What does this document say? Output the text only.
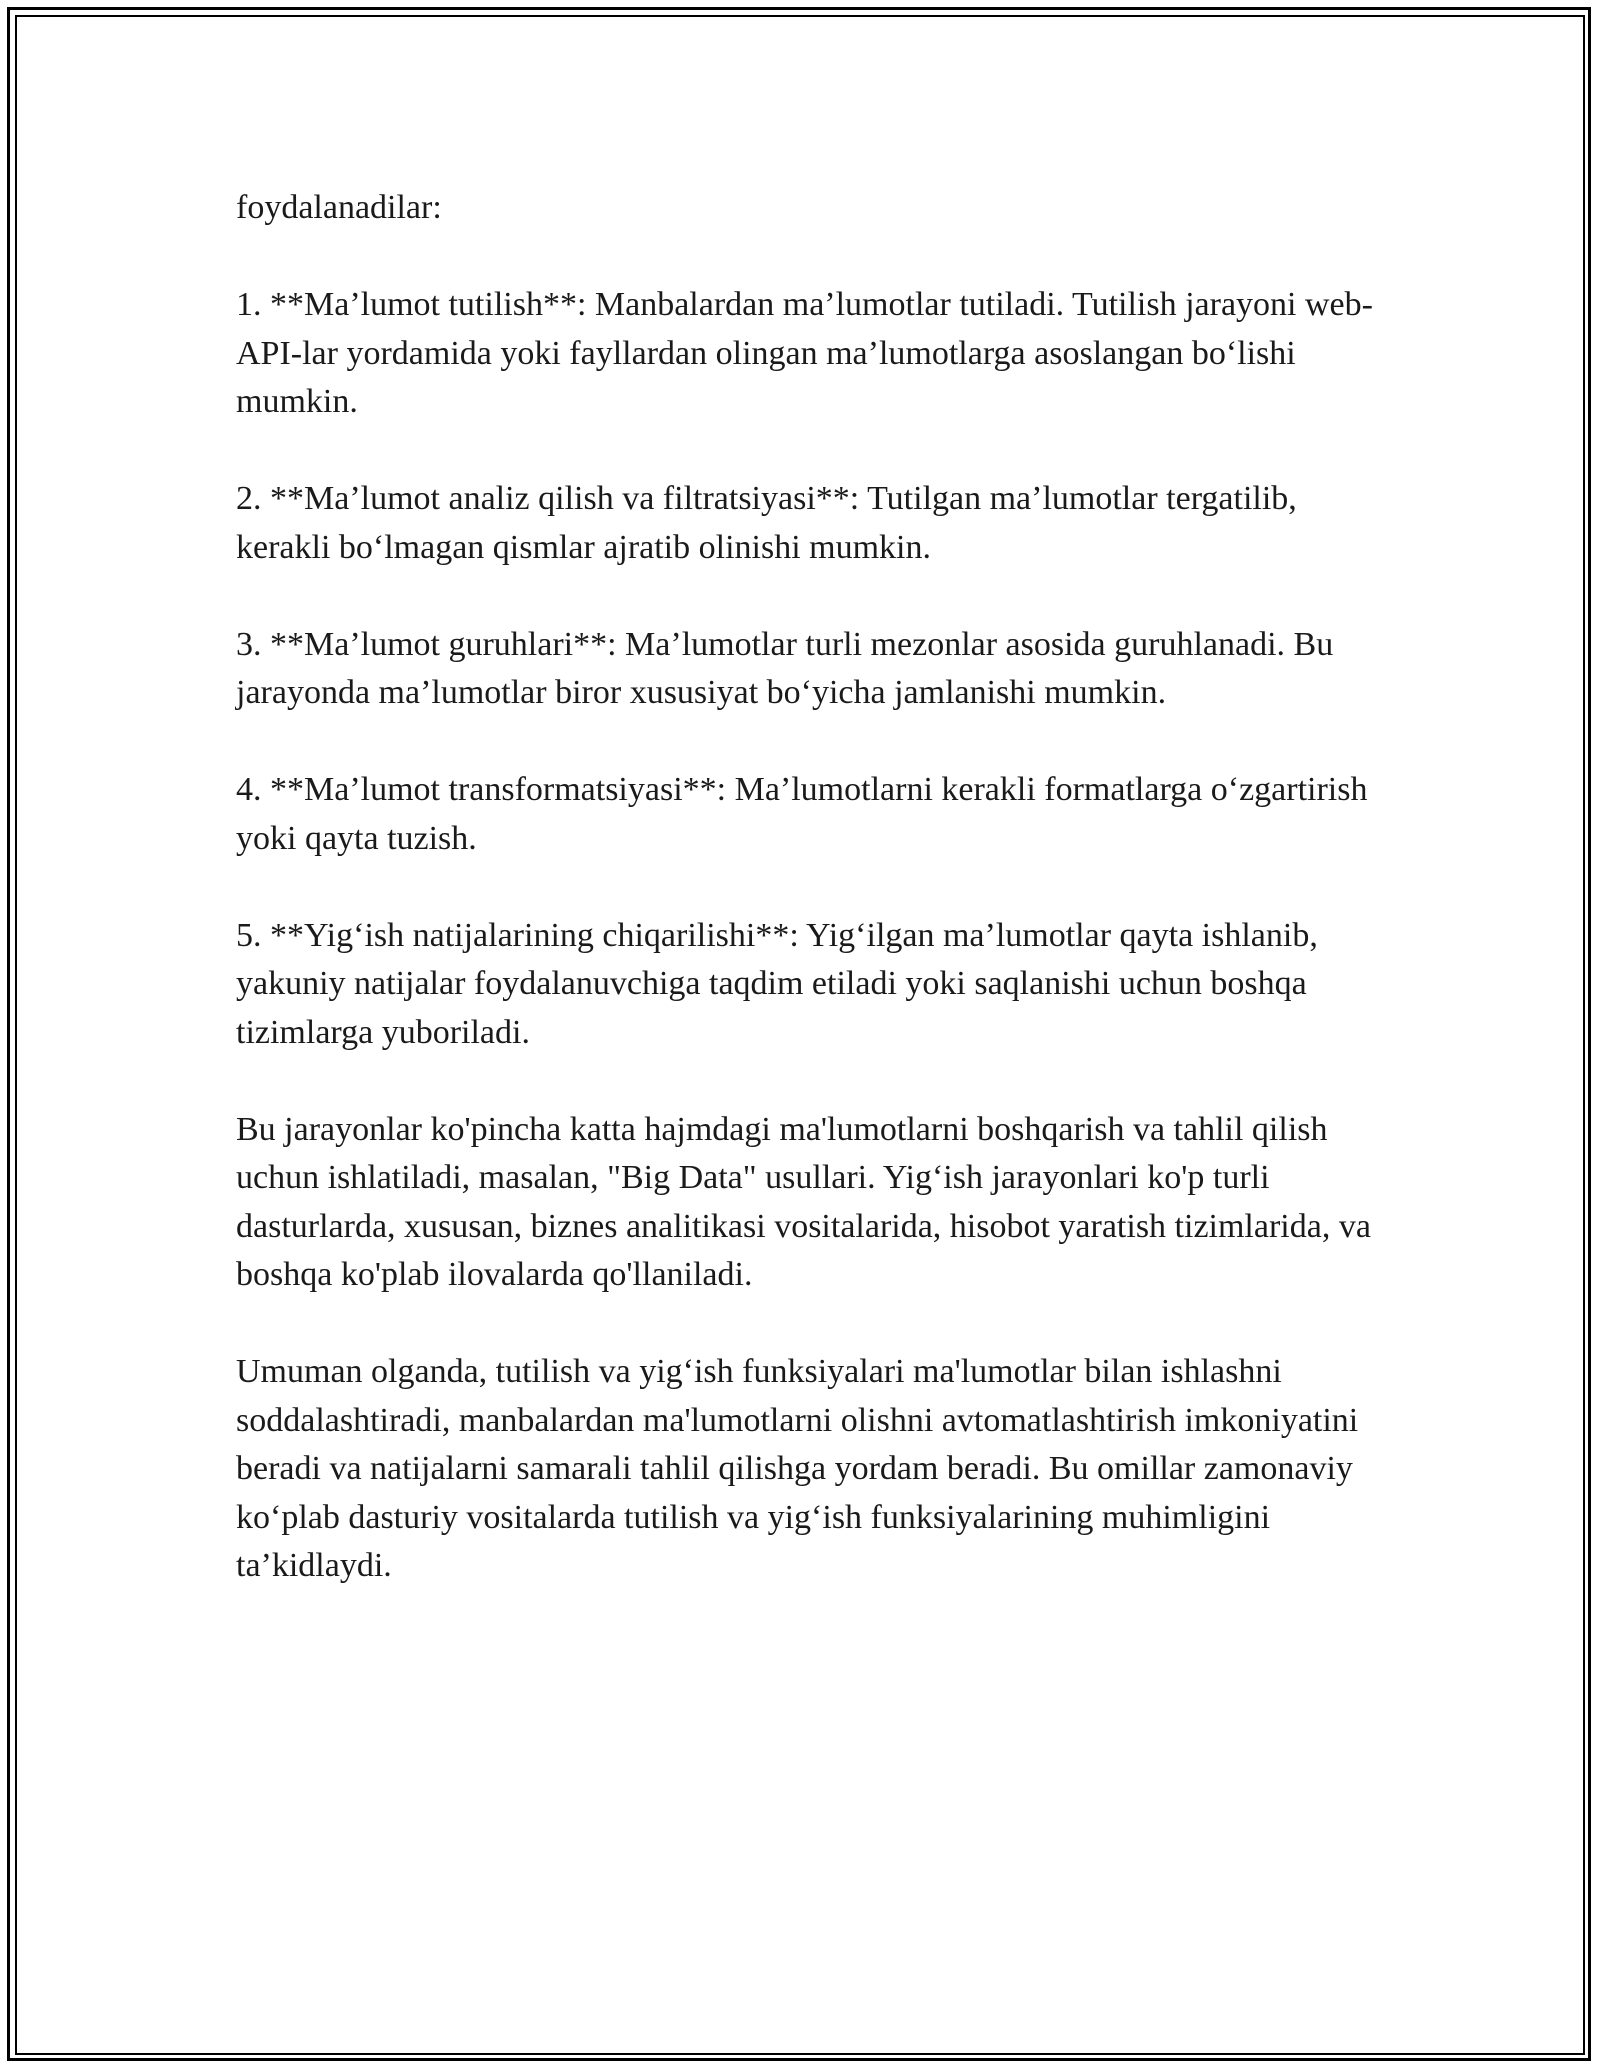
foydalanadilar:

1. **Ma’lumot tutilish**: Manbalardan ma’lumotlar tutiladi. Tutilish jarayoni web-API-lar yordamida yoki fayllardan olingan ma’lumotlarga asoslangan bo‘lishi mumkin.

2. **Ma’lumot analiz qilish va filtratsiyasi**: Tutilgan ma’lumotlar tergatilib, kerakli bo‘lmagan qismlar ajratib olinishi mumkin.

3. **Ma’lumot guruhlari**: Ma’lumotlar turli mezonlar asosida guruhlanadi. Bu jarayonda ma’lumotlar biror xususiyat bo‘yicha jamlanishi mumkin.

4. **Ma’lumot transformatsiyasi**: Ma’lumotlarni kerakli formatlarga o‘zgartirish yoki qayta tuzish.

5. **Yig‘ish natijalarining chiqarilishi**: Yig‘ilgan ma’lumotlar qayta ishlanib, yakuniy natijalar foydalanuvchiga taqdim etiladi yoki saqlanishi uchun boshqa tizimlarga yuboriladi.

Bu jarayonlar ko'pincha katta hajmdagi ma'lumotlarni boshqarish va tahlil qilish uchun ishlatiladi, masalan, "Big Data" usullari. Yig‘ish jarayonlari ko'p turli dasturlarda, xususan, biznes analitikasi vositalarida, hisobot yaratish tizimlarida, va boshqa ko'plab ilovalarda qo'llaniladi.

Umuman olganda, tutilish va yig‘ish funksiyalari ma'lumotlar bilan ishlashni soddalashtiradi, manbalardan ma'lumotlarni olishni avtomatlashtirish imkoniyatini beradi va natijalarni samarali tahlil qilishga yordam beradi. Bu omillar zamonaviy ko‘plab dasturiy vositalarda tutilish va yig‘ish funksiyalarining muhimligini ta’kidlaydi.
